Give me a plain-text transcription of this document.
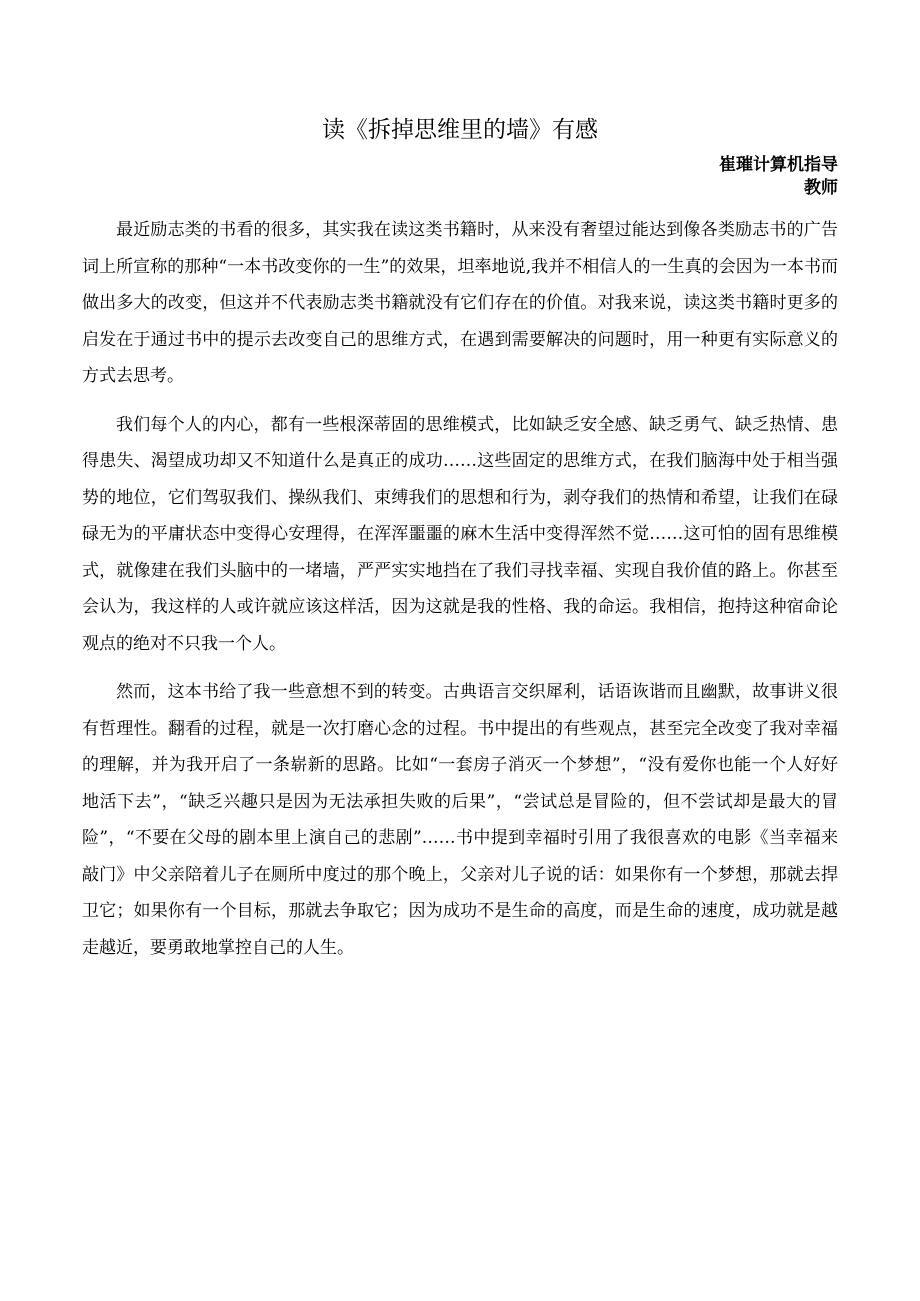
读《拆掉思维里的墙》有感
崔璀计算机指导
教师

最近励志类的书看的很多，其实我在读这类书籍时，从来没有奢望过能达到像各类励志书的广告词上所宣称的那种“一本书改变你的一生”的效果，坦率地说,我并不相信人的一生真的会因为一本书而做出多大的改变，但这并不代表励志类书籍就没有它们存在的价值。对我来说，读这类书籍时更多的启发在于通过书中的提示去改变自己的思维方式，在遇到需要解决的问题时，用一种更有实际意义的方式去思考。

我们每个人的内心，都有一些根深蒂固的思维模式，比如缺乏安全感、缺乏勇气、缺乏热情、患得患失、渴望成功却又不知道什么是真正的成功……这些固定的思维方式，在我们脑海中处于相当强势的地位，它们驾驭我们、操纵我们、束缚我们的思想和行为，剥夺我们的热情和希望，让我们在碌碌无为的平庸状态中变得心安理得，在浑浑噩噩的麻木生活中变得浑然不觉……这可怕的固有思维模式，就像建在我们头脑中的一堵墙，严严实实地挡在了我们寻找幸福、实现自我价值的路上。你甚至会认为，我这样的人或许就应该这样活，因为这就是我的性格、我的命运。我相信，抱持这种宿命论观点的绝对不只我一个人。

然而，这本书给了我一些意想不到的转变。古典语言交织犀利，话语诙谐而且幽默，故事讲义很有哲理性。翻看的过程，就是一次打磨心念的过程。书中提出的有些观点，甚至完全改变了我对幸福的理解，并为我开启了一条崭新的思路。比如“一套房子消灭一个梦想”，“没有爱你也能一个人好好地活下去”，“缺乏兴趣只是因为无法承担失败的后果”，“尝试总是冒险的，但不尝试却是最大的冒险”，“不要在父母的剧本里上演自己的悲剧”……书中提到幸福时引用了我很喜欢的电影《当幸福来敲门》中父亲陪着儿子在厕所中度过的那个晚上，父亲对儿子说的话：如果你有一个梦想，那就去捍卫它；如果你有一个目标，那就去争取它；因为成功不是生命的高度，而是生命的速度，成功就是越走越近，要勇敢地掌控自己的人生。
